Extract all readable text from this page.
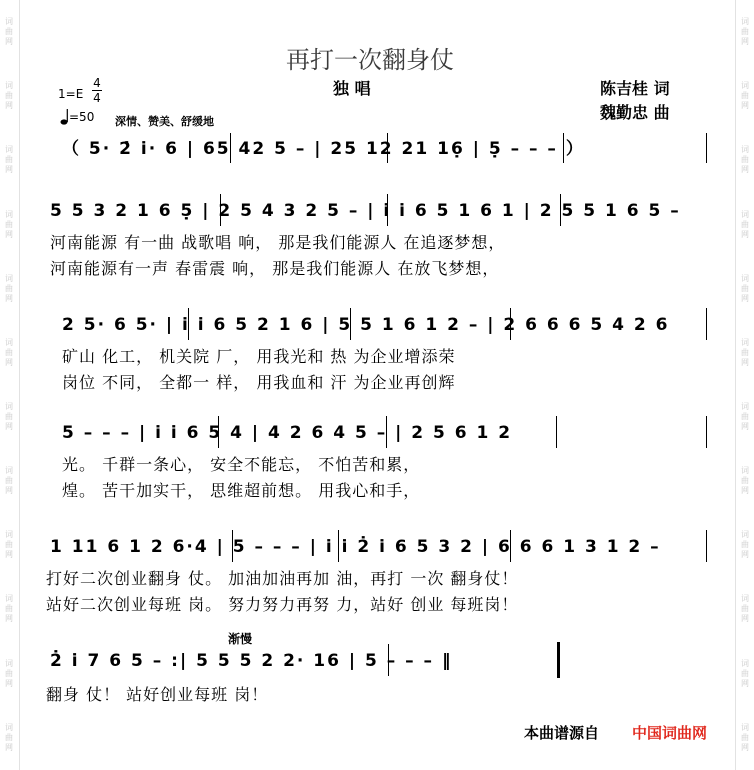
词
曲
网
词
曲
网
词
曲
网
词
曲
网
词
曲
网
词
曲
网
词
曲
网
词
曲
网
词
曲
网
词
曲
网
词
曲
网
词
曲
网
词
曲
网
词
曲
网
词
曲
网
词
曲
网
词
曲
网
词
曲
网
词
曲
网
词
曲
网
词
曲
网
词
曲
网
词
曲
网
词
曲
网
再打一次翻身仗
独 唱	陈吉桂 词
魏勤忠 曲
1=E
4
4
=50 深情、赞美、舒缓地
（ 5· 2̇ i̇· 6 | 65 42 5 – | 25 12 21 16̣ | 5̣ – – – ）
5 5 3 2 1 6 5̣ | 2 5 4 3 2 5 – | i̇ i̇ 6 5 1 6 1 | 2 5 5 1 6 5 –
河南能源 有一曲 战歌唱 响， 那是我们能源人 在追逐梦想，
河南能源有一声 春雷震 响， 那是我们能源人 在放飞梦想，
2 5· 6 5· | i̇ i̇ 6 5 2 1 6 | 5 5 1 6 1 2 – | 2 6 6 6 5 4 2 6
矿山 化工， 机关院 厂， 用我光和 热 为企业增添荣
岗位 不同， 全都一 样， 用我血和 汗 为企业再创辉
5 – – – | i̇ i̇ 6 5 4 | 4 2 6 4 5 – | 2 5 6 1 2
光。 千群一条心， 安全不能忘， 不怕苦和累，
煌。 苦干加实干， 思维超前想。 用我心和手，
1 11 6 1 2 6·4 | 5 – – – | i̇ i̇ 2̇ i̇ 6 5 3 2 | 6 6 6 1 3 1 2 –
打好二次创业翻身 仗。 加油加油再加 油，再打 一次 翻身仗！
站好二次创业每班 岗。 努力努力再努 力，站好 创业 每班岗！
渐慢
2̇ i̇ 7 6 5 – :| 5 5 5 2 2· 16 | 5 – – – ‖
翻身 仗！ 站好创业每班 岗！
本曲谱源自 中国词曲网
